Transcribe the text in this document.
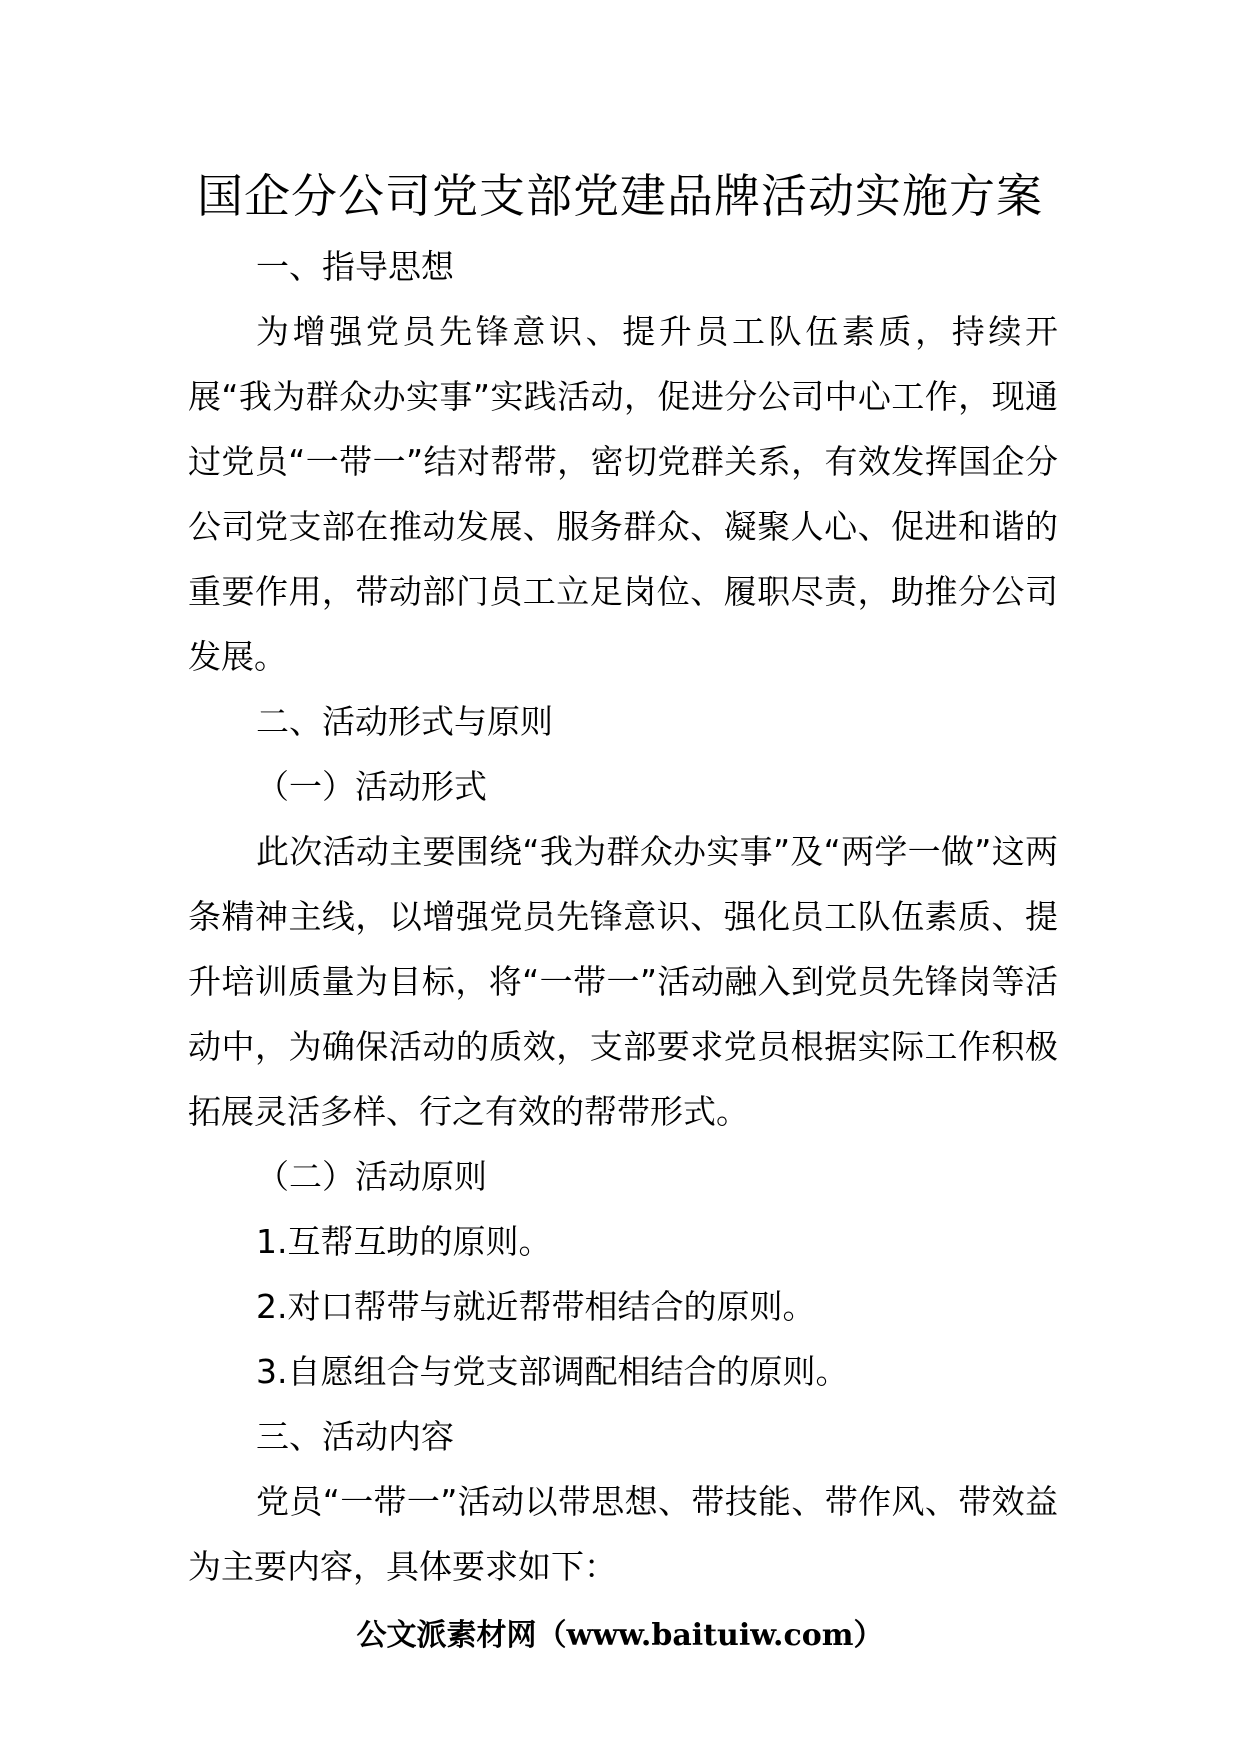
国企分公司党支部党建品牌活动实施方案

一、指导思想

为增强党员先锋意识、提升员工队伍素质，持续开展“我为群众办实事”实践活动，促进分公司中心工作，现通过党员“一带一”结对帮带，密切党群关系，有效发挥国企分公司党支部在推动发展、服务群众、凝聚人心、促进和谐的重要作用，带动部门员工立足岗位、履职尽责，助推分公司发展。

二、活动形式与原则

（一）活动形式

此次活动主要围绕“我为群众办实事”及“两学一做”这两条精神主线，以增强党员先锋意识、强化员工队伍素质、提升培训质量为目标，将“一带一”活动融入到党员先锋岗等活动中，为确保活动的质效，支部要求党员根据实际工作积极拓展灵活多样、行之有效的帮带形式。

（二）活动原则

1.互帮互助的原则。

2.对口帮带与就近帮带相结合的原则。

3.自愿组合与党支部调配相结合的原则。

三、活动内容

党员“一带一”活动以带思想、带技能、带作风、带效益为主要内容，具体要求如下：

公文派素材网（www.baituiw.com）
